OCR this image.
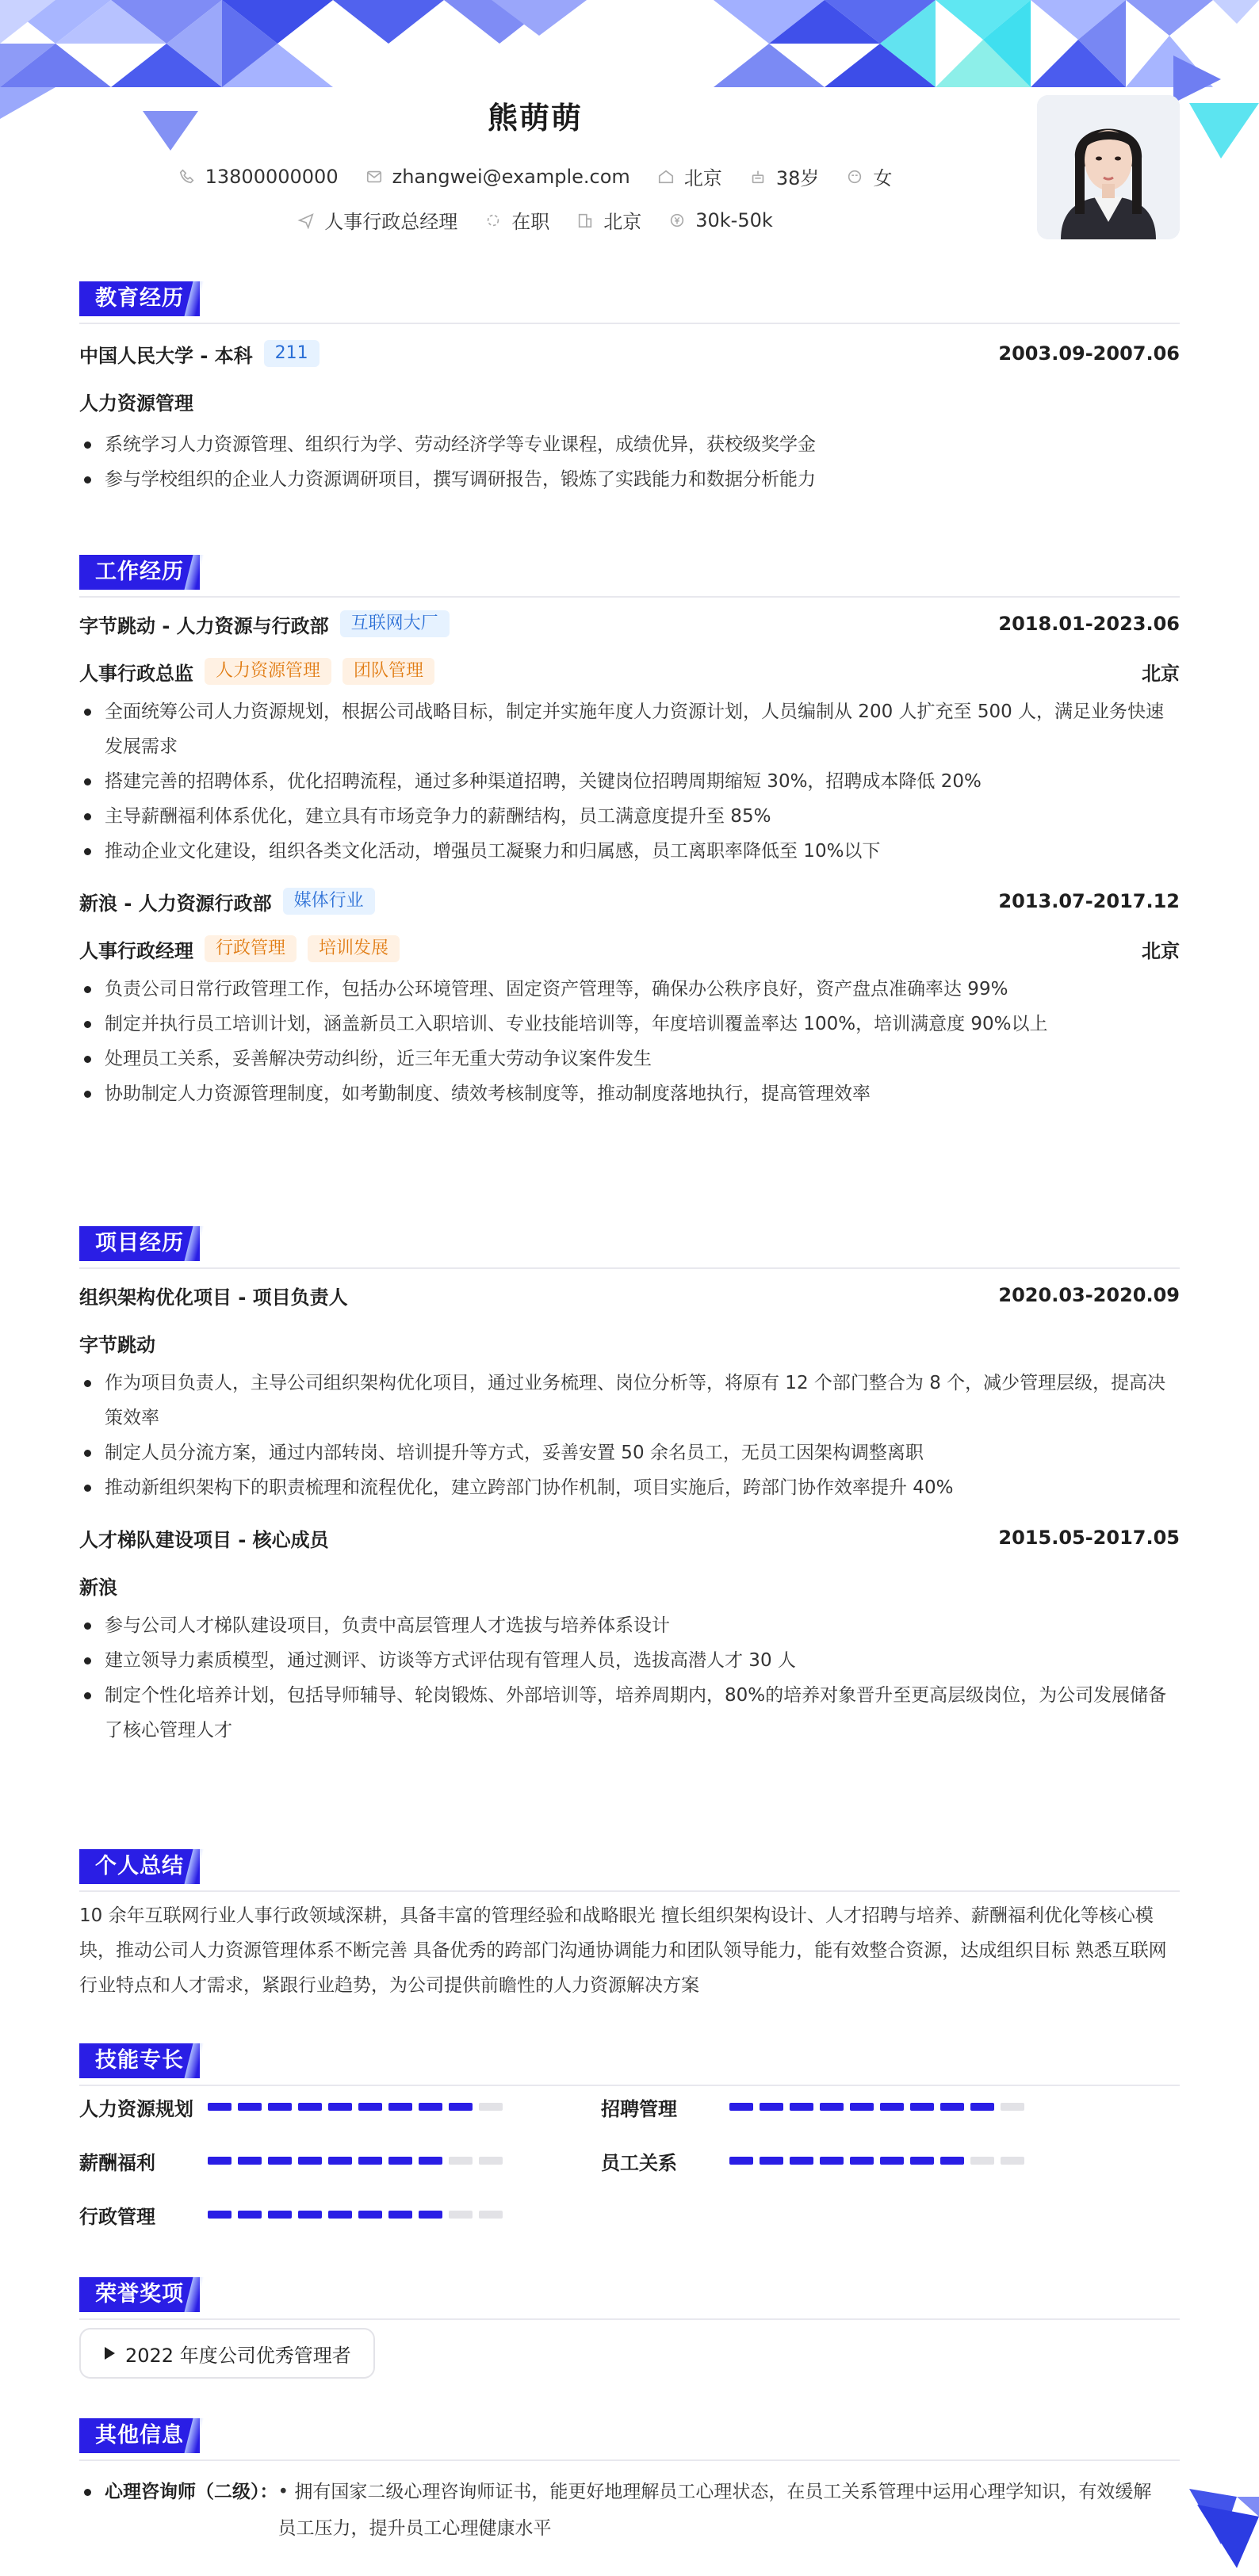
熊萌萌
13800000000	zhangwei@example.com	北京	38岁	女
人事行政总经理	在职	北京	30k-50k
教育经历
中国人民大学 - 本科	211	2003.09-2007.06
人力资源管理
系统学习人力资源管理、组织行为学、劳动经济学等专业课程，成绩优异，获校级奖学金
参与学校组织的企业人力资源调研项目，撰写调研报告，锻炼了实践能力和数据分析能力
工作经历
字节跳动 - 人力资源与行政部	互联网大厂	2018.01-2023.06
人事行政总监	人力资源管理	团队管理	北京
全面统筹公司人力资源规划，根据公司战略目标，制定并实施年度人力资源计划，人员编制从 200 人扩充至 500 人，满足业务快速发展需求
搭建完善的招聘体系，优化招聘流程，通过多种渠道招聘，关键岗位招聘周期缩短 30%，招聘成本降低 20%
主导薪酬福利体系优化，建立具有市场竞争力的薪酬结构，员工满意度提升至 85%
推动企业文化建设，组织各类文化活动，增强员工凝聚力和归属感，员工离职率降低至 10%以下
新浪 - 人力资源行政部	媒体行业	2013.07-2017.12
人事行政经理	行政管理	培训发展	北京
负责公司日常行政管理工作，包括办公环境管理、固定资产管理等，确保办公秩序良好，资产盘点准确率达 99%
制定并执行员工培训计划，涵盖新员工入职培训、专业技能培训等，年度培训覆盖率达 100%，培训满意度 90%以上
处理员工关系，妥善解决劳动纠纷，近三年无重大劳动争议案件发生
协助制定人力资源管理制度，如考勤制度、绩效考核制度等，推动制度落地执行，提高管理效率
项目经历
组织架构优化项目 - 项目负责人	2020.03-2020.09
字节跳动
作为项目负责人，主导公司组织架构优化项目，通过业务梳理、岗位分析等，将原有 12 个部门整合为 8 个，减少管理层级，提高决策效率
制定人员分流方案，通过内部转岗、培训提升等方式，妥善安置 50 余名员工，无员工因架构调整离职
推动新组织架构下的职责梳理和流程优化，建立跨部门协作机制，项目实施后，跨部门协作效率提升 40%
人才梯队建设项目 - 核心成员	2015.05-2017.05
新浪
参与公司人才梯队建设项目，负责中高层管理人才选拔与培养体系设计
建立领导力素质模型，通过测评、访谈等方式评估现有管理人员，选拔高潜人才 30 人
制定个性化培养计划，包括导师辅导、轮岗锻炼、外部培训等，培养周期内，80%的培养对象晋升至更高层级岗位，为公司发展储备了核心管理人才
个人总结
10 余年互联网行业人事行政领域深耕，具备丰富的管理经验和战略眼光 擅长组织架构设计、人才招聘与培养、薪酬福利优化等核心模块，推动公司人力资源管理体系不断完善 具备优秀的跨部门沟通协调能力和团队领导能力，能有效整合资源，达成组织目标 熟悉互联网行业特点和人才需求，紧跟行业趋势，为公司提供前瞻性的人力资源解决方案
技能专长
人力资源规划	招聘管理
薪酬福利	员工关系
行政管理
荣誉奖项
2022 年度公司优秀管理者
其他信息
心理咨询师（二级）：• 拥有国家二级心理咨询师证书，能更好地理解员工心理状态，在员工关系管理中运用心理学知识，有效缓解员工压力，提升员工心理健康水平
